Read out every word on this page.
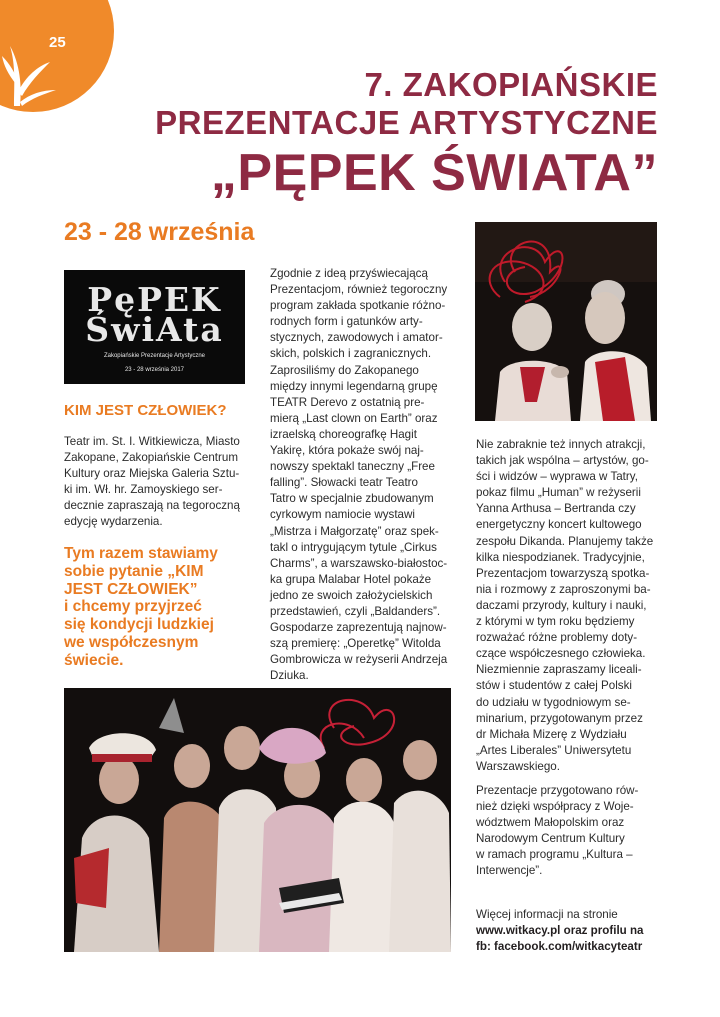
25
7. ZAKOPIAŃSKIE
PREZENTACJE ARTYSTYCZNE
„PĘPEK ŚWIATA”
23 - 28 września
PęPEK
ŚwiAta
Zakopiańskie Prezentacje Artystyczne
23 - 28 września 2017
KIM JEST CZŁOWIEK?
Teatr im. St. I. Witkiewicza, Miasto
Zakopane, Zakopiańskie Centrum
Kultury oraz Miejska Galeria Sztu-
ki im. Wł. hr. Zamoyskiego ser-
decznie zapraszają na tegoroczną
edycję wydarzenia.
Tym razem stawiamy
sobie pytanie „KIM
JEST CZŁOWIEK”
i chcemy przyjrzeć
się kondycji ludzkiej
we współczesnym
świecie.
Zgodnie z ideą przyświecającą
Prezentacjom, również tegoroczny
program zakłada spotkanie różno-
rodnych form i gatunków arty-
stycznych, zawodowych i amator-
skich, polskich i zagranicznych.
Zaprosiliśmy do Zakopanego
między innymi legendarną grupę
TEATR Derevo z ostatnią pre-
mierą „Last clown on Earth” oraz
izraelską choreografkę Hagit
Yakirę, która pokaże swój naj-
nowszy spektakl taneczny „Free
falling”. Słowacki teatr Teatro
Tatro w specjalnie zbudowanym
cyrkowym namiocie wystawi
„Mistrza i Małgorzatę” oraz spek-
takl o intrygującym tytule „Cirkus
Charms”, a warszawsko-białostoc-
ka grupa Malabar Hotel pokaże
jedno ze swoich założycielskich
przedstawień, czyli „Baldanders”.
Gospodarze zaprezentują najnow-
szą premierę: „Operetkę” Witolda
Gombrowicza w reżyserii Andrzeja
Dziuka.
Nie zabraknie też innych atrakcji,
takich jak wspólna – artystów, go-
ści i widzów – wyprawa w Tatry,
pokaz filmu „Human” w reżyserii
Yanna Arthusa – Bertranda czy
energetyczny koncert kultowego
zespołu Dikanda. Planujemy także
kilka niespodzianek. Tradycyjnie,
Prezentacjom towarzyszą spotka-
nia i rozmowy z zaproszonymi ba-
daczami przyrody, kultury i nauki,
z którymi w tym roku będziemy
rozważać różne problemy doty-
czące współczesnego człowieka.
Niezmiennie zapraszamy liceali-
stów i studentów z całej Polski
do udziału w tygodniowym se-
minarium, przygotowanym przez
dr Michała Mizerę z Wydziału
„Artes Liberales” Uniwersytetu
Warszawskiego.
Prezentacje przygotowano rów-
nież dzięki współpracy z Woje-
wództwem Małopolskim oraz
Narodowym Centrum Kultury
w ramach programu „Kultura –
Interwencje”.
Więcej informacji na stronie
www.witkacy.pl oraz profilu na
fb: facebook.com/witkacyteatr
